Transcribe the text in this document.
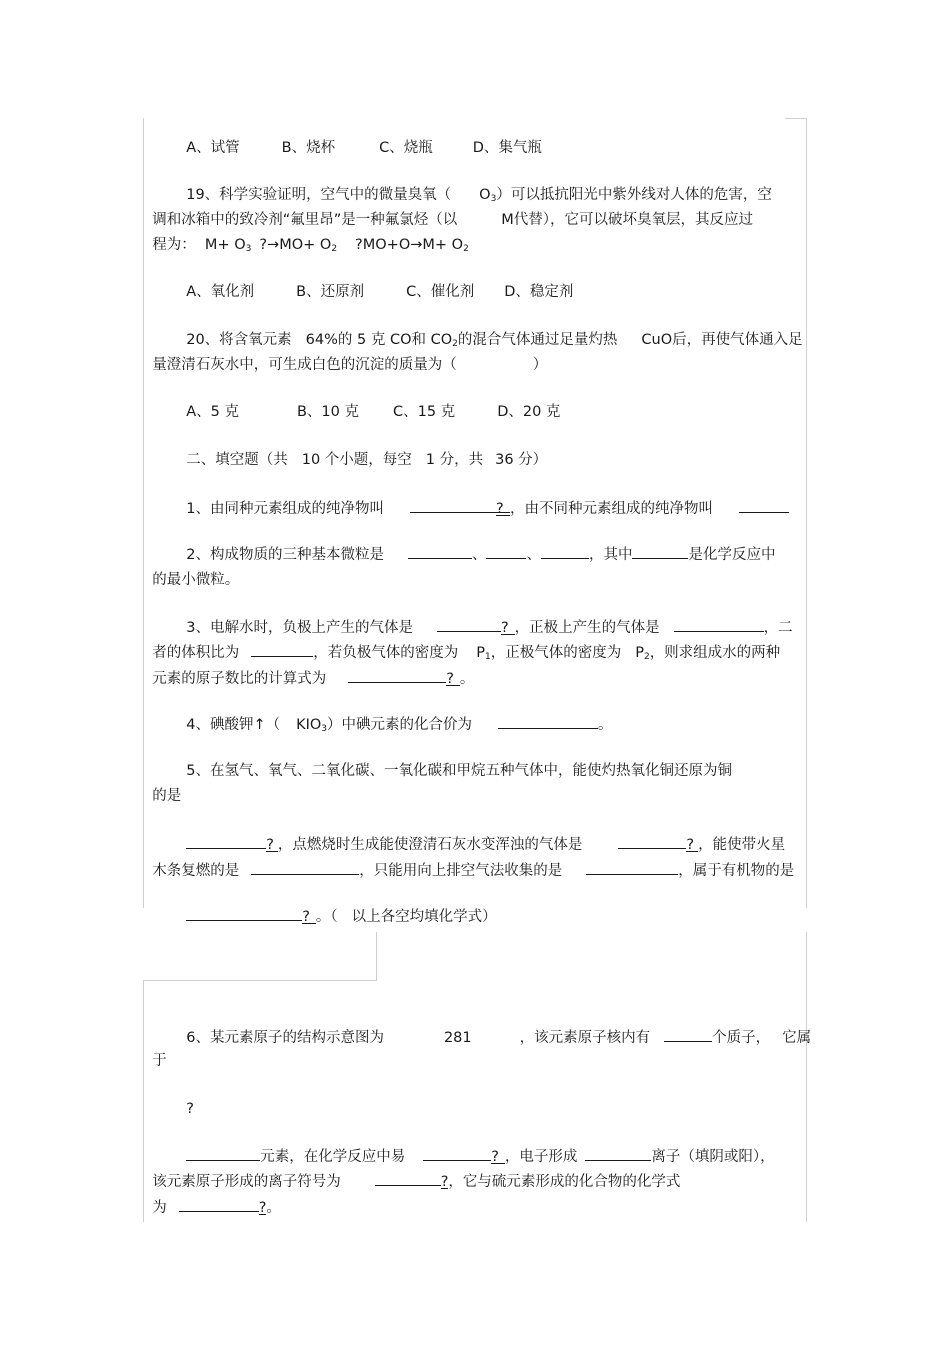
A、试管	B、烧杯	C、烧瓶	D、集气瓶

19、科学实验证明，空气中的微量臭氧（ $O_3$）可以抵抗阳光中紫外线对人体的危害，空

调和冰箱中的致冷剂“氟里昂”是一种氟氯烃（以	M代替），它可以破坏臭氧层，其反应过

程为：  $M+ O_3$ ?→MO+ $O_2$ ?MO+O→M+ $O_2$

A、氧化剂	B、还原剂	C、催化剂 D、稳定剂

20、将含氧元素 64%的 5 克 CO和 $CO_2$的混合气体通过足量灼热 CuO后，再使气体通入足

量澄清石灰水中，可生成白色的沉淀的质量为（	）

A、5 克	B、10 克 C、15 克	D、20 克

二、填空题（共 10 个小题，每空 1 分，共 36 分）

1、由同种元素组成的纯净物叫	? ，由不同种元素组成的纯净物叫

2、构成物质的三种基本微粒是	、	、	，其中	是化学反应中

的最小微粒。

3、电解水时，负极上产生的气体是	? ，正极上产生的气体是	，二

者的体积比为	，若负极气体的密度为 $P_1$，正极气体的密度为 $P_2$，则求组成水的两种

元素的原子数比的计算式为	? 。

4、碘酸钾↑（ $KIO_3$）中碘元素的化合价为	。

5、在氢气、氧气、二氧化碳、一氧化碳和甲烷五种气体中，能使灼热氧化铜还原为铜

的是

? ，点燃烧时生成能使澄清石灰水变浑浊的气体是	? ，能使带火星

木条复燃的是	，只能用向上排空气法收集的是	，属于有机物的是

? 。（ 以上各空均填化学式）

6、某元素原子的结构示意图为	281	，该元素原子核内有	个质子， 它属

于

?

元素，在化学反应中易	? ，电子形成	离子（填阴或阳），

该元素原子形成的离子符号为	?，它与硫元素形成的化合物的化学式

为	?。
